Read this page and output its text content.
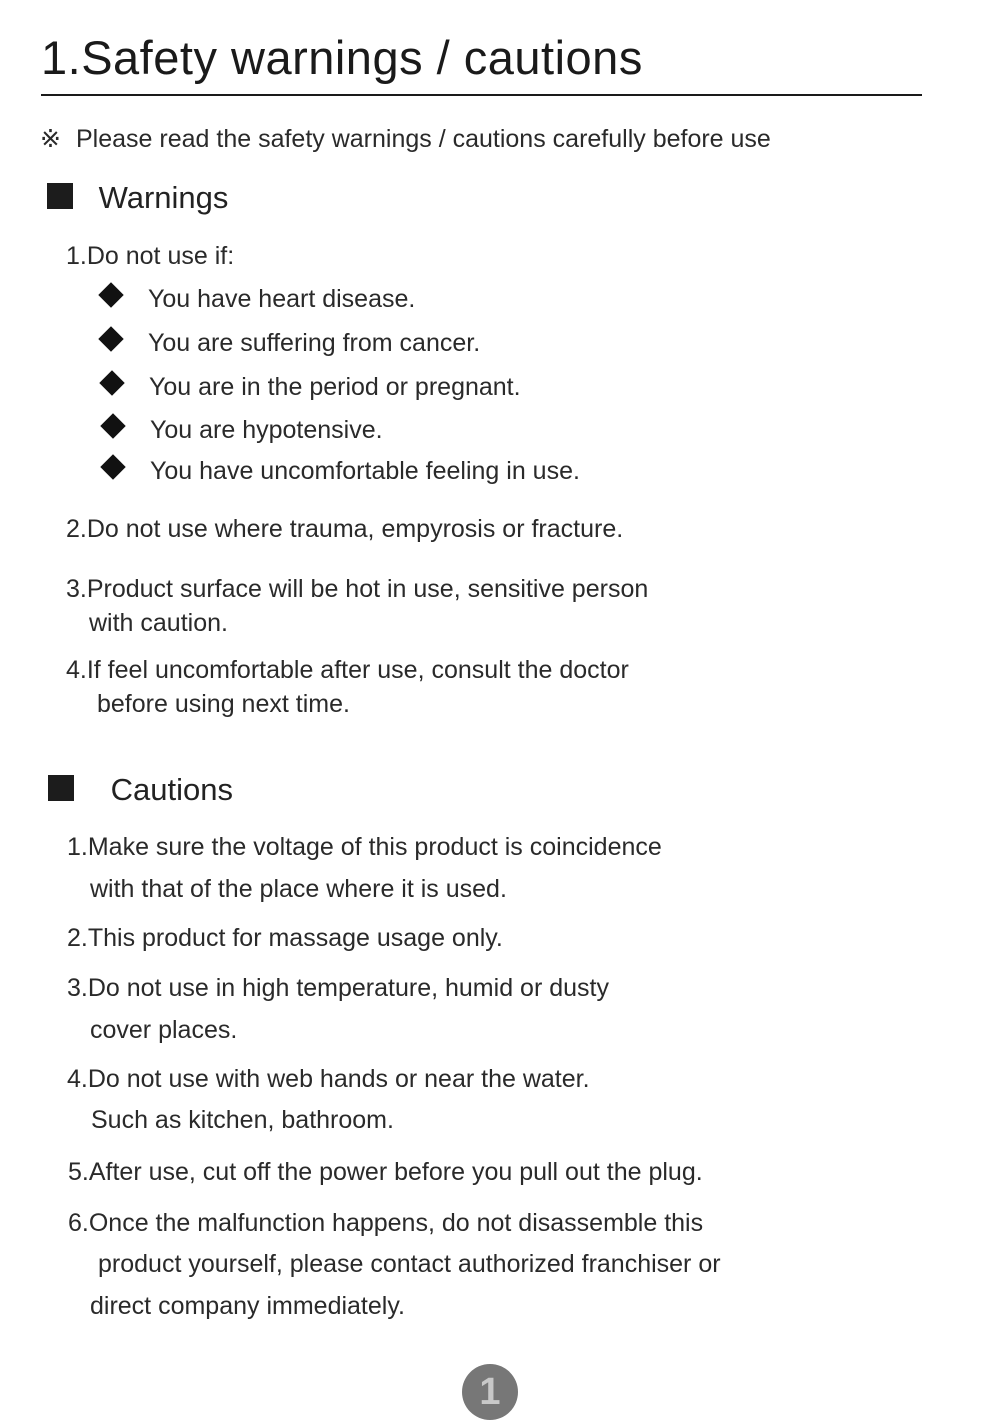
1.Safety warnings / cautions
※ Please read the safety warnings / cautions carefully before use
Warnings
1.Do not use if:
You have heart disease.
You are suffering from cancer.
You are in the period or pregnant.
You are hypotensive.
You have uncomfortable feeling in use.
2.Do not use where trauma, empyrosis or fracture.
3.Product surface will be hot in use, sensitive person
with caution.
4.If feel uncomfortable after use, consult the doctor
before using next time.
Cautions
1.Make sure the voltage of this product is coincidence
with that of the place where it is used.
2.This product for massage usage only.
3.Do not use in high temperature, humid or dusty
cover places.
4.Do not use with web hands or near the water.
Such as kitchen, bathroom.
5.After use, cut off the power before you pull out the plug.
6.Once the malfunction happens, do not disassemble this
product yourself, please contact authorized franchiser or
direct company immediately.
1
